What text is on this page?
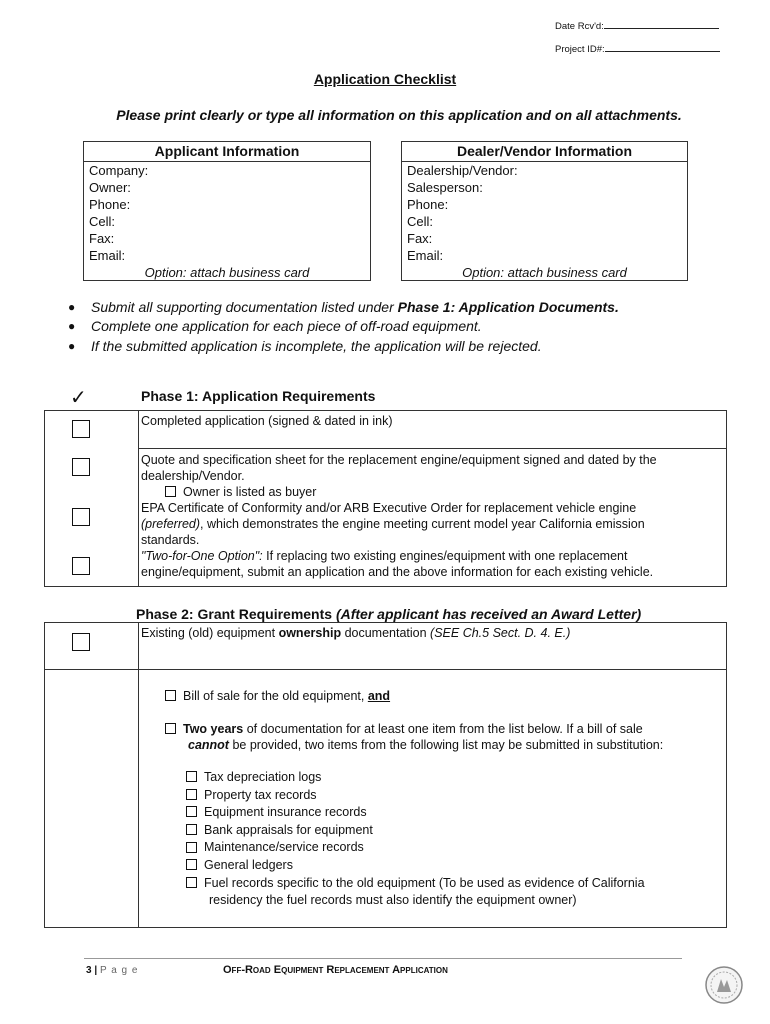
Date Rcv'd:
Project ID#:
Application Checklist
Please print clearly or type all information on this application and on all attachments.
Applicant Information
Company:
Owner:
Phone:
Cell:
Fax:
Email:
Option: attach business card
Dealer/Vendor Information
Dealership/Vendor:
Salesperson:
Phone:
Cell:
Fax:
Email:
Option: attach business card
● Submit all supporting documentation listed under Phase 1: Application Documents.
● Complete one application for each piece of off-road equipment.
● If the submitted application is incomplete, the application will be rejected.
✓	Phase 1: Application Requirements
Completed application (signed & dated in ink)
Quote and specification sheet for the replacement engine/equipment signed and dated by the
dealership/Vendor.
Owner is listed as buyer
EPA Certificate of Conformity and/or ARB Executive Order for replacement vehicle engine
(preferred), which demonstrates the engine meeting current model year California emission
standards.
"Two-for-One Option": If replacing two existing engines/equipment with one replacement
engine/equipment, submit an application and the above information for each existing vehicle.
Phase 2: Grant Requirements (After applicant has received an Award Letter)
Existing (old) equipment ownership documentation (SEE Ch.5 Sect. D. 4. E.)
Bill of sale for the old equipment, and
Two years of documentation for at least one item from the list below. If a bill of sale
cannot be provided, two items from the following list may be submitted in substitution:
Tax depreciation logs
Property tax records
Equipment insurance records
Bank appraisals for equipment
Maintenance/service records
General ledgers
Fuel records specific to the old equipment (To be used as evidence of California
residency the fuel records must also identify the equipment owner)
3 | P a g e	Off-Road Equipment Replacement Application
